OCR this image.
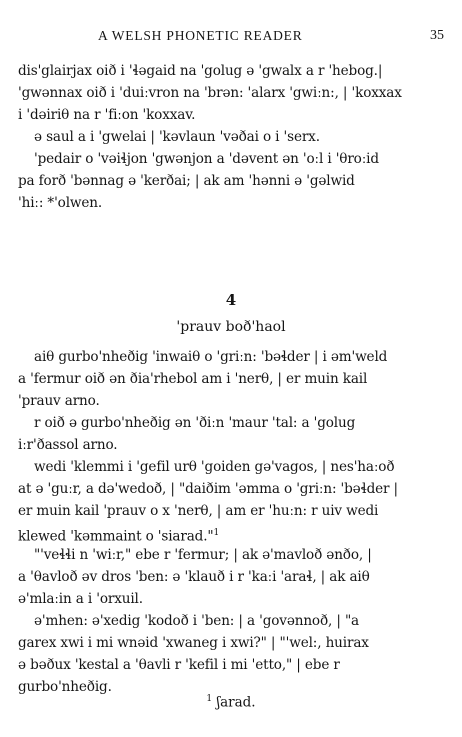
A WELSH PHONETIC READER	35
dis'glairjax oið i 'ɬəgaid na 'golug ə 'gwalx a r 'hebog.|
'gwənnax oið i 'duiːvron na 'brən: 'alarx 'gwiːn:, | 'koxxax
i 'dəiriθ na r 'fiːon 'koxxav.
ə saul a i 'gwelai | 'kəvlaun 'vəðai o i 'serx.
'pedair o 'vəiɬjon 'gwənjon a 'dəvent ən 'oːl i 'θroːid
pa forð 'bənnag ə 'kerðai; | ak am 'hənni ə 'gəlwid
'hiː: *'olwen.
4
'prauv boð'haol
aiθ gurbo'nheðig 'inwaiθ o 'griːn: 'bəɬder | i əm'weld
a 'fermur oið ən ðia'rhebol am i 'nerθ, | er muin kail
'prauv arno.
r oið ə gurbo'nheðig ən 'ðiːn 'maur 'tal: a 'golug
iːr'ðassol arno.
wedi 'klemmi i 'gefil urθ 'goiden gə'vagos, | nes'haːoð
at ə 'guːr, a də'wedoð, | "daiðim 'əmma o 'griːn: 'bəɬder |
er muin kail 'prauv o x 'nerθ, | am er 'huːn: r uiv wedi
klewed 'kəmmaint o 'siarad."$^1$
"'veɬɬi n 'wiːr," ebe r 'fermur; | ak ə'mavloð ənðo, |
a 'θavloð əv dros 'ben: ə 'klauð i r 'kaːi 'araɬ, | ak aiθ
ə'mlaːin a i 'orxuil.
ə'mhen: ə'xedig 'kodoð i 'ben: | a 'govənnoð, | "a
garex xwi i mi wnəid 'xwaneg i xwi?" | "'wel:, huirax
ə bəðux 'kestal a 'θavli r 'kefil i mi 'etto," | ebe r
gurbo'nheðig.
$^1$ ʃarad.
